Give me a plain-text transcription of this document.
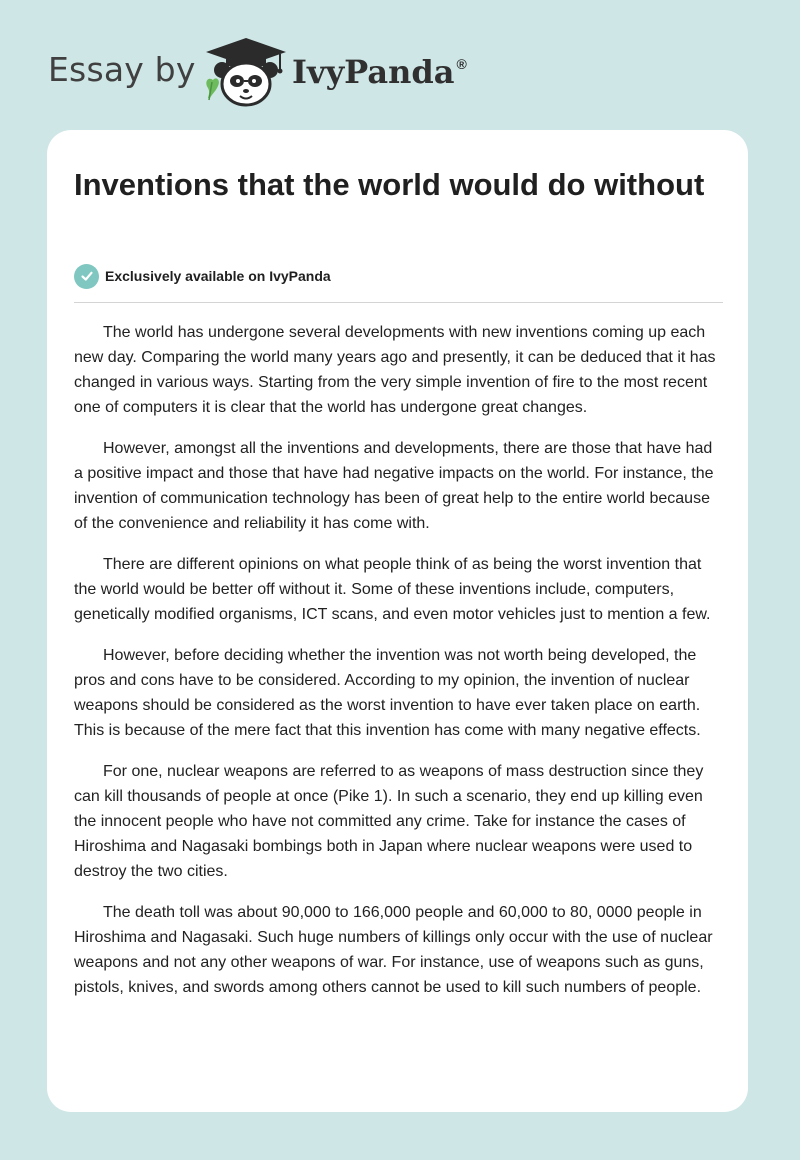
Essay by	IvyPanda ®
Inventions that the world would do without
Exclusively available on IvyPanda

The world has undergone several developments with new inventions coming up each new day. Comparing the world many years ago and presently, it can be deduced that it has changed in various ways. Starting from the very simple invention of fire to the most recent one of computers it is clear that the world has undergone great changes.

However, amongst all the inventions and developments, there are those that have had a positive impact and those that have had negative impacts on the world. For instance, the invention of communication technology has been of great help to the entire world because of the convenience and reliability it has come with.

There are different opinions on what people think of as being the worst invention that the world would be better off without it. Some of these inventions include, computers, genetically modified organisms, ICT scans, and even motor vehicles just to mention a few.

However, before deciding whether the invention was not worth being developed, the pros and cons have to be considered. According to my opinion, the invention of nuclear weapons should be considered as the worst invention to have ever taken place on earth. This is because of the mere fact that this invention has come with many negative effects.

For one, nuclear weapons are referred to as weapons of mass destruction since they can kill thousands of people at once (Pike 1). In such a scenario, they end up killing even the innocent people who have not committed any crime. Take for instance the cases of Hiroshima and Nagasaki bombings both in Japan where nuclear weapons were used to destroy the two cities.

The death toll was about 90,000 to 166,000 people and 60,000 to 80, 0000 people in Hiroshima and Nagasaki. Such huge numbers of killings only occur with the use of nuclear weapons and not any other weapons of war. For instance, use of weapons such as guns, pistols, knives, and swords among others cannot be used to kill such numbers of people.
